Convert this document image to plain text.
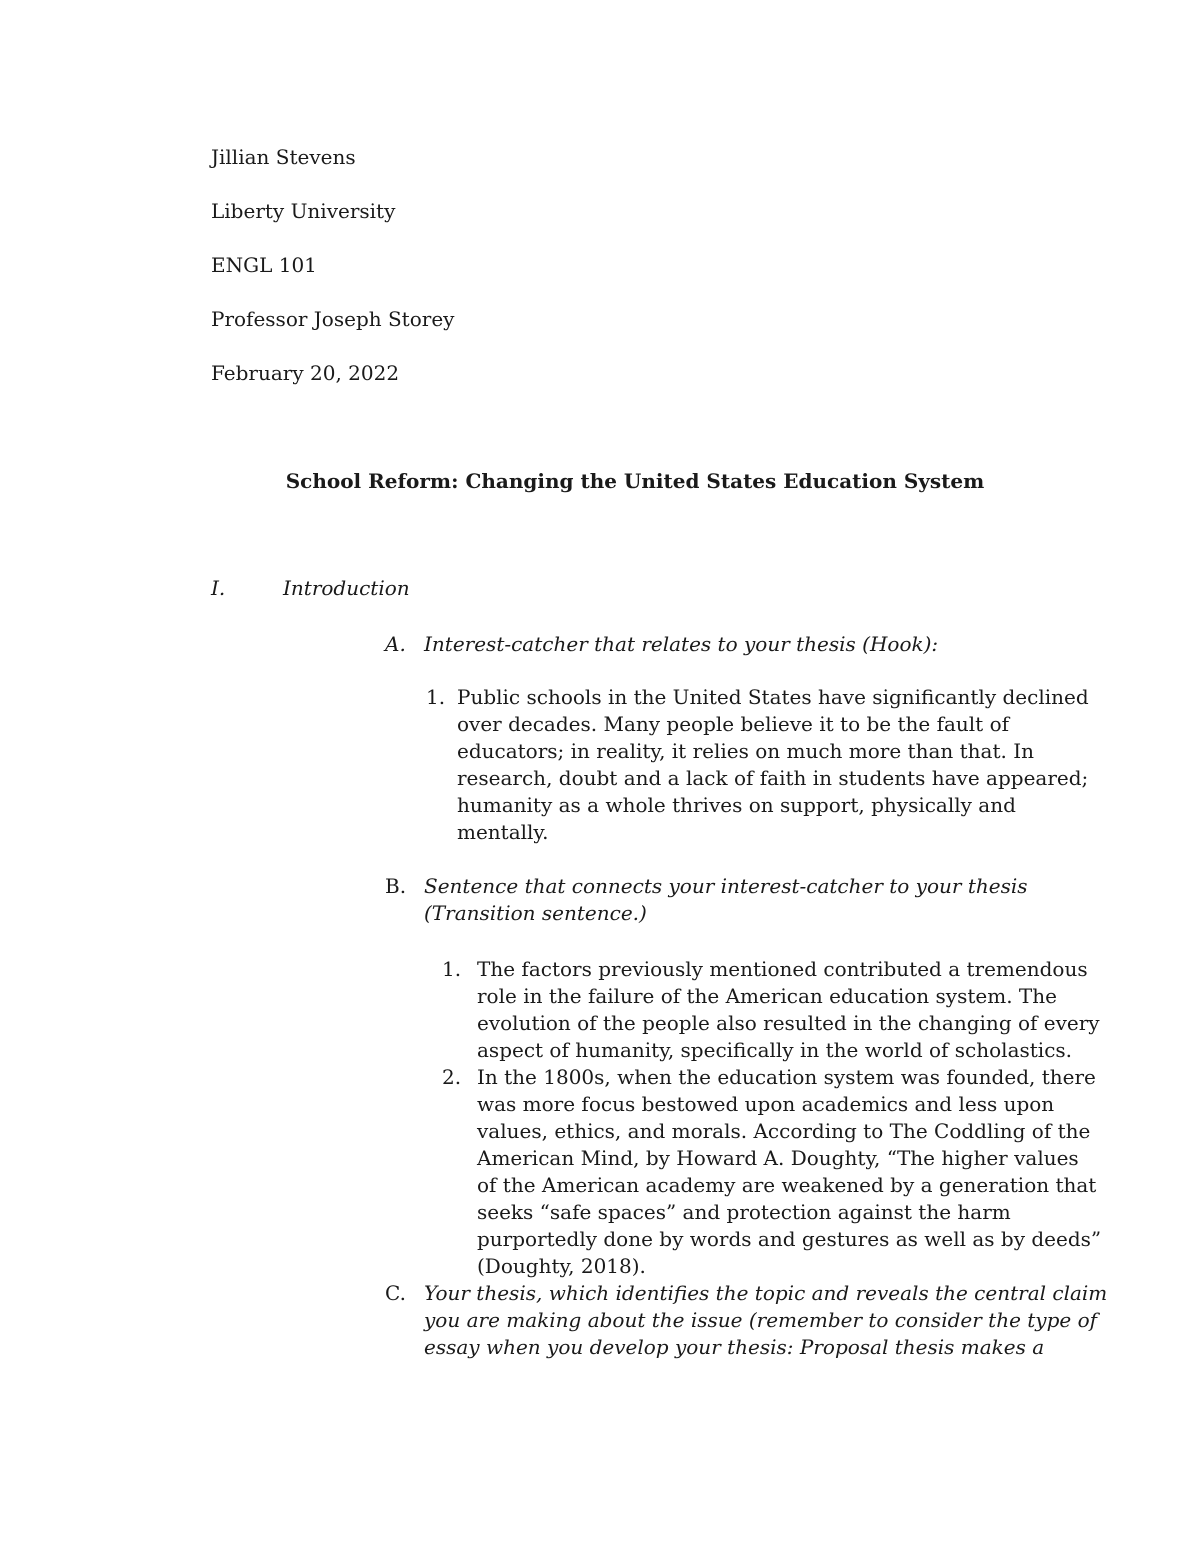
Jillian Stevens
Liberty University
ENGL 101
Professor Joseph Storey
February 20, 2022
School Reform: Changing the United States Education System
I.	Introduction
A. Interest-catcher that relates to your thesis (Hook):
1. Public schools in the United States have significantly declined
over decades. Many people believe it to be the fault of
educators; in reality, it relies on much more than that. In
research, doubt and a lack of faith in students have appeared;
humanity as a whole thrives on support, physically and
mentally.
B. Sentence that connects your interest-catcher to your thesis
(Transition sentence.)
1. The factors previously mentioned contributed a tremendous
role in the failure of the American education system. The
evolution of the people also resulted in the changing of every
aspect of humanity, specifically in the world of scholastics.
2. In the 1800s, when the education system was founded, there
was more focus bestowed upon academics and less upon
values, ethics, and morals. According to The Coddling of the
American Mind, by Howard A. Doughty, “The higher values
of the American academy are weakened by a generation that
seeks “safe spaces” and protection against the harm
purportedly done by words and gestures as well as by deeds”
(Doughty, 2018).
C. Your thesis, which identifies the topic and reveals the central claim
you are making about the issue (remember to consider the type of
essay when you develop your thesis: Proposal thesis makes a
